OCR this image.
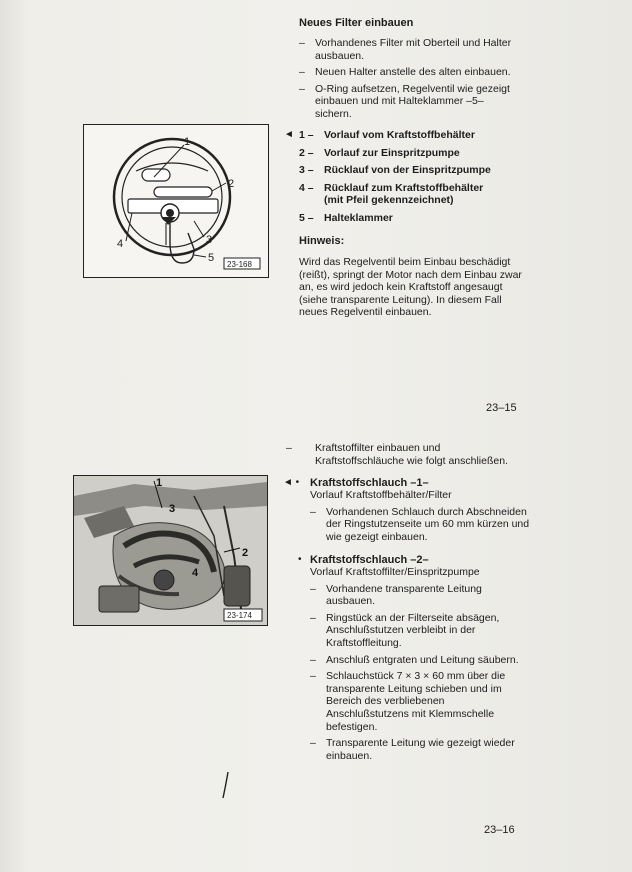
Neues Filter einbauen
– Vorhandenes Filter mit Oberteil und Halter ausbauen.
– Neuen Halter anstelle des alten einbauen.
– O-Ring aufsetzen, Regelventil wie gezeigt einbauen und mit Halteklammer –5– sichern.
◄ 1 – Vorlauf vom Kraftstoffbehälter
2 – Vorlauf zur Einspritzpumpe
3 – Rücklauf von der Einspritzpumpe
4 – Rücklauf zum Kraftstoffbehälter (mit Pfeil gekennzeichnet)
5 – Halteklammer
Hinweis:
Wird das Regelventil beim Einbau beschädigt (reißt), springt der Motor nach dem Einbau zwar an, es wird jedoch kein Kraftstoff angesaugt (siehe transparente Leitung). In diesem Fall neues Regelventil einbauen.
1
2
3
4
5
23-168
23–15
– Kraftstoffilter einbauen und Kraftstoffschläuche wie folgt anschließen.
◄ • Kraftstoffschlauch –1–
Vorlauf Kraftstoffbehälter/Filter
– Vorhandenen Schlauch durch Abschneiden der Ringstutzenseite um 60 mm kürzen und wie gezeigt einbauen.
• Kraftstoffschlauch –2–
Vorlauf Kraftstoffilter/Einspritzpumpe
– Vorhandene transparente Leitung ausbauen.
– Ringstück an der Filterseite absägen, Anschlußstutzen verbleibt in der Kraftstoffleitung.
– Anschluß entgraten und Leitung säubern.
– Schlauchstück 7 × 3 × 60 mm über die transparente Leitung schieben und im Bereich des verbliebenen Anschlußstutzens mit Klemmschelle befestigen.
– Transparente Leitung wie gezeigt wieder einbauen.
1
2
3
4
23-174
23–16
